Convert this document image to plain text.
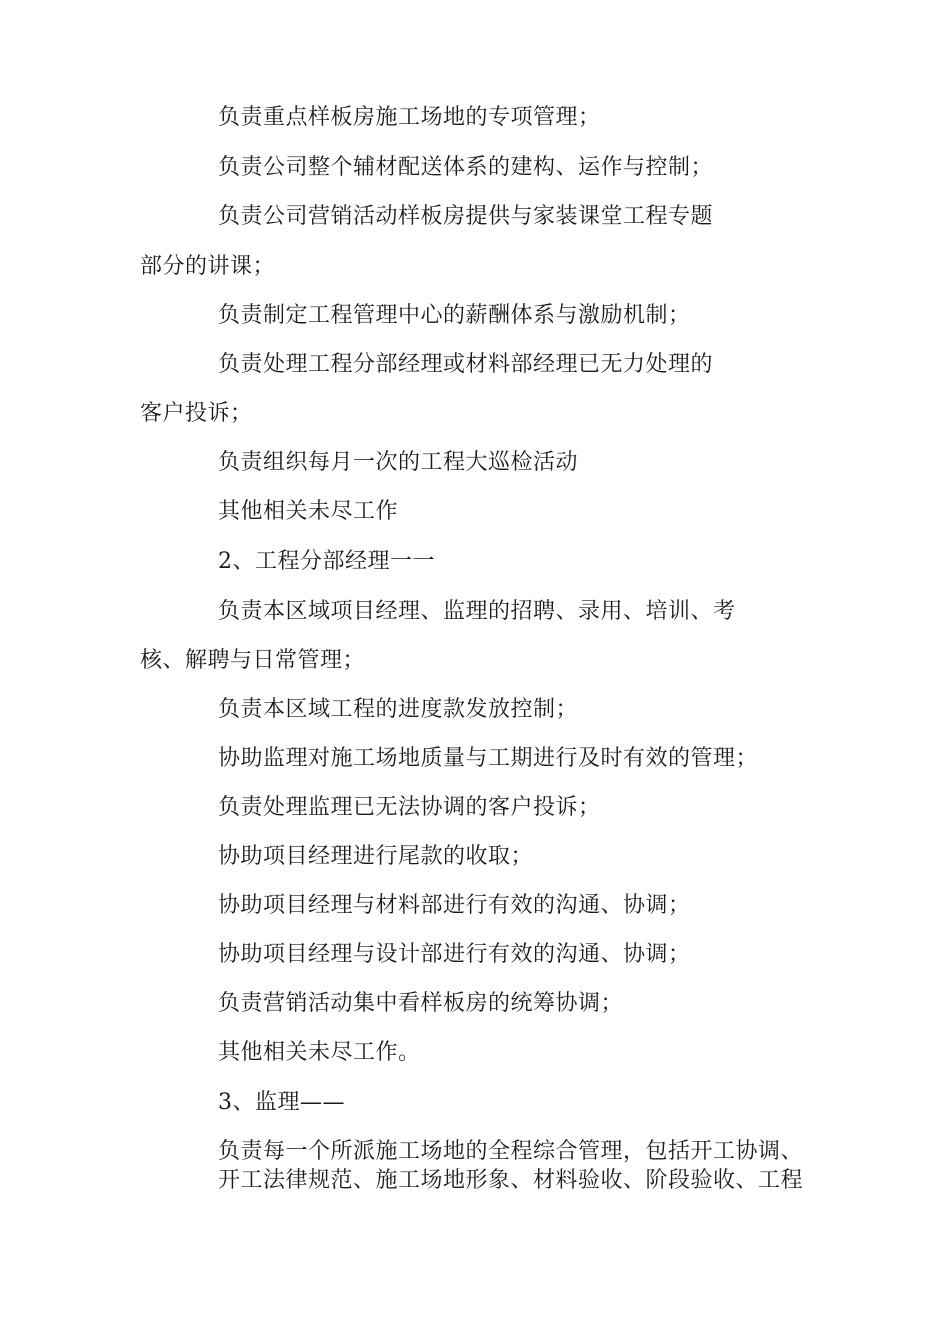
负责重点样板房施工场地的专项管理；
负责公司整个辅材配送体系的建构、运作与控制；
负责公司营销活动样板房提供与家装课堂工程专题
部分的讲课；
负责制定工程管理中心的薪酬体系与激励机制；
负责处理工程分部经理或材料部经理已无力处理的
客户投诉；
负责组织每月一次的工程大巡检活动
其他相关未尽工作
2、工程分部经理一一
负责本区域项目经理、监理的招聘、录用、培训、考
核、解聘与日常管理；
负责本区域工程的进度款发放控制；
协助监理对施工场地质量与工期进行及时有效的管理；
负责处理监理已无法协调的客户投诉；
协助项目经理进行尾款的收取；
协助项目经理与材料部进行有效的沟通、协调；
协助项目经理与设计部进行有效的沟通、协调；
负责营销活动集中看样板房的统筹协调；
其他相关未尽工作。
3、监理——
负责每一个所派施工场地的全程综合管理，包括开工协调、
开工法律规范、施工场地形象、材料验收、阶段验收、工程
